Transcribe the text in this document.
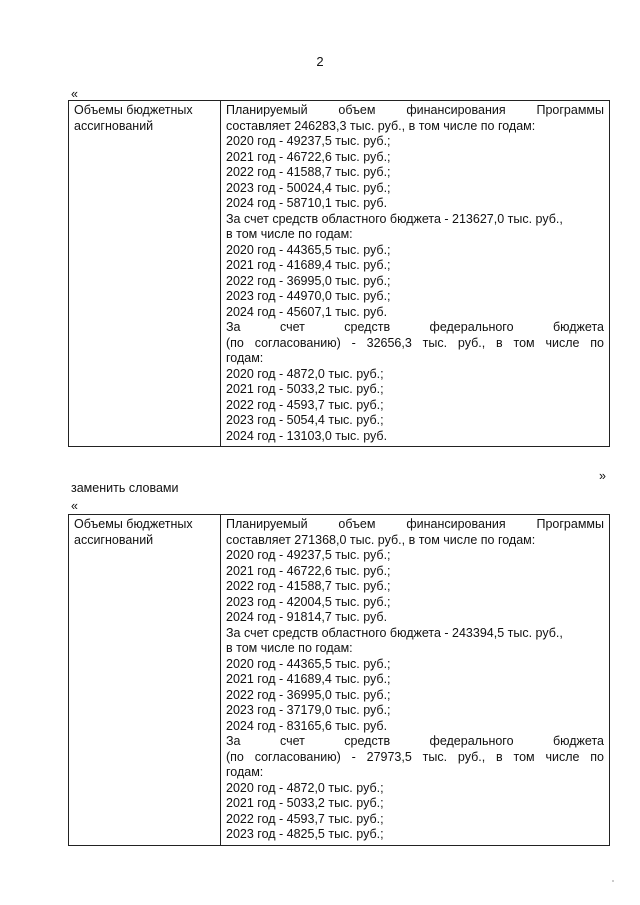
2
«
Объемы бюджетных
ассигнований

Планируемый объем финансирования Программы
составляет 246283,3 тыс. руб., в том числе по годам:
2020 год - 49237,5 тыс. руб.;
2021 год - 46722,6 тыс. руб.;
2022 год - 41588,7 тыс. руб.;
2023 год - 50024,4 тыс. руб.;
2024 год - 58710,1 тыс. руб.
За счет средств областного бюджета - 213627,0 тыс. руб.,
в том числе по годам:
2020 год - 44365,5 тыс. руб.;
2021 год - 41689,4 тыс. руб.;
2022 год - 36995,0 тыс. руб.;
2023 год - 44970,0 тыс. руб.;
2024 год - 45607,1 тыс. руб.
За счет средств федерального бюджета
(по согласованию) - 32656,3 тыс. руб., в том числе по
годам:
2020 год - 4872,0 тыс. руб.;
2021 год - 5033,2 тыс. руб.;
2022 год - 4593,7 тыс. руб.;
2023 год - 5054,4 тыс. руб.;
2024 год - 13103,0 тыс. руб.
»
заменить словами
«
Объемы бюджетных
ассигнований

Планируемый объем финансирования Программы
составляет 271368,0 тыс. руб., в том числе по годам:
2020 год - 49237,5 тыс. руб.;
2021 год - 46722,6 тыс. руб.;
2022 год - 41588,7 тыс. руб.;
2023 год - 42004,5 тыс. руб.;
2024 год - 91814,7 тыс. руб.
За счет средств областного бюджета - 243394,5 тыс. руб.,
в том числе по годам:
2020 год - 44365,5 тыс. руб.;
2021 год - 41689,4 тыс. руб.;
2022 год - 36995,0 тыс. руб.;
2023 год - 37179,0 тыс. руб.;
2024 год - 83165,6 тыс. руб.
За счет средств федерального бюджета
(по согласованию) - 27973,5 тыс. руб., в том числе по
годам:
2020 год - 4872,0 тыс. руб.;
2021 год - 5033,2 тыс. руб.;
2022 год - 4593,7 тыс. руб.;
2023 год - 4825,5 тыс. руб.;
